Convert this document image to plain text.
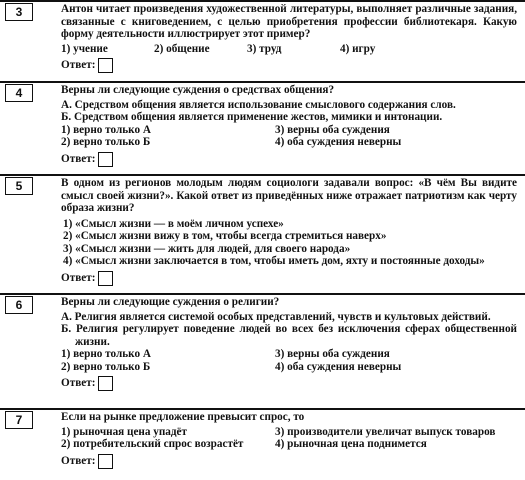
3	Антон читает произведения художественной литературы, выполняет различные задания, связанные с книговедением, с целью приобретения профессии библиотекаря. Какую форму деятельности иллюстрирует этот пример?

1) учение	2) общение	3) труд	4) игру
Ответ:
4	Верны ли следующие суждения о средствах общения?

А. Средством общения является использование смыслового содержания слов.

Б. Средством общения является применение жестов, мимики и интонации.

1) верно только А	3) верны оба суждения
2) верно только Б	4) оба суждения неверны
Ответ:
5	В одном из регионов молодым людям социологи задавали вопрос: «В чём Вы видите смысл своей жизни?». Какой ответ из приведённых ниже отражает патриотизм как черту образа жизни?

1) «Смысл жизни — в моём личном успехе»

2) «Смысл жизни вижу в том, чтобы всегда стремиться наверх»

3) «Смысл жизни — жить для людей, для своего народа»

4) «Смысл жизни заключается в том, чтобы иметь дом, яхту и постоянные доходы»

Ответ:
6	Верны ли следующие суждения о религии?

А. Религия является системой особых представлений, чувств и культовых действий.

Б. Религия регулирует поведение людей во всех без исключения сферах общественной жизни.

1) верно только А	3) верны оба суждения
2) верно только Б	4) оба суждения неверны
Ответ:
7	Если на рынке предложение превысит спрос, то

1) рыночная цена упадёт	3) производители увеличат выпуск товаров
2) потребительский спрос возрастёт	4) рыночная цена поднимется
Ответ:
